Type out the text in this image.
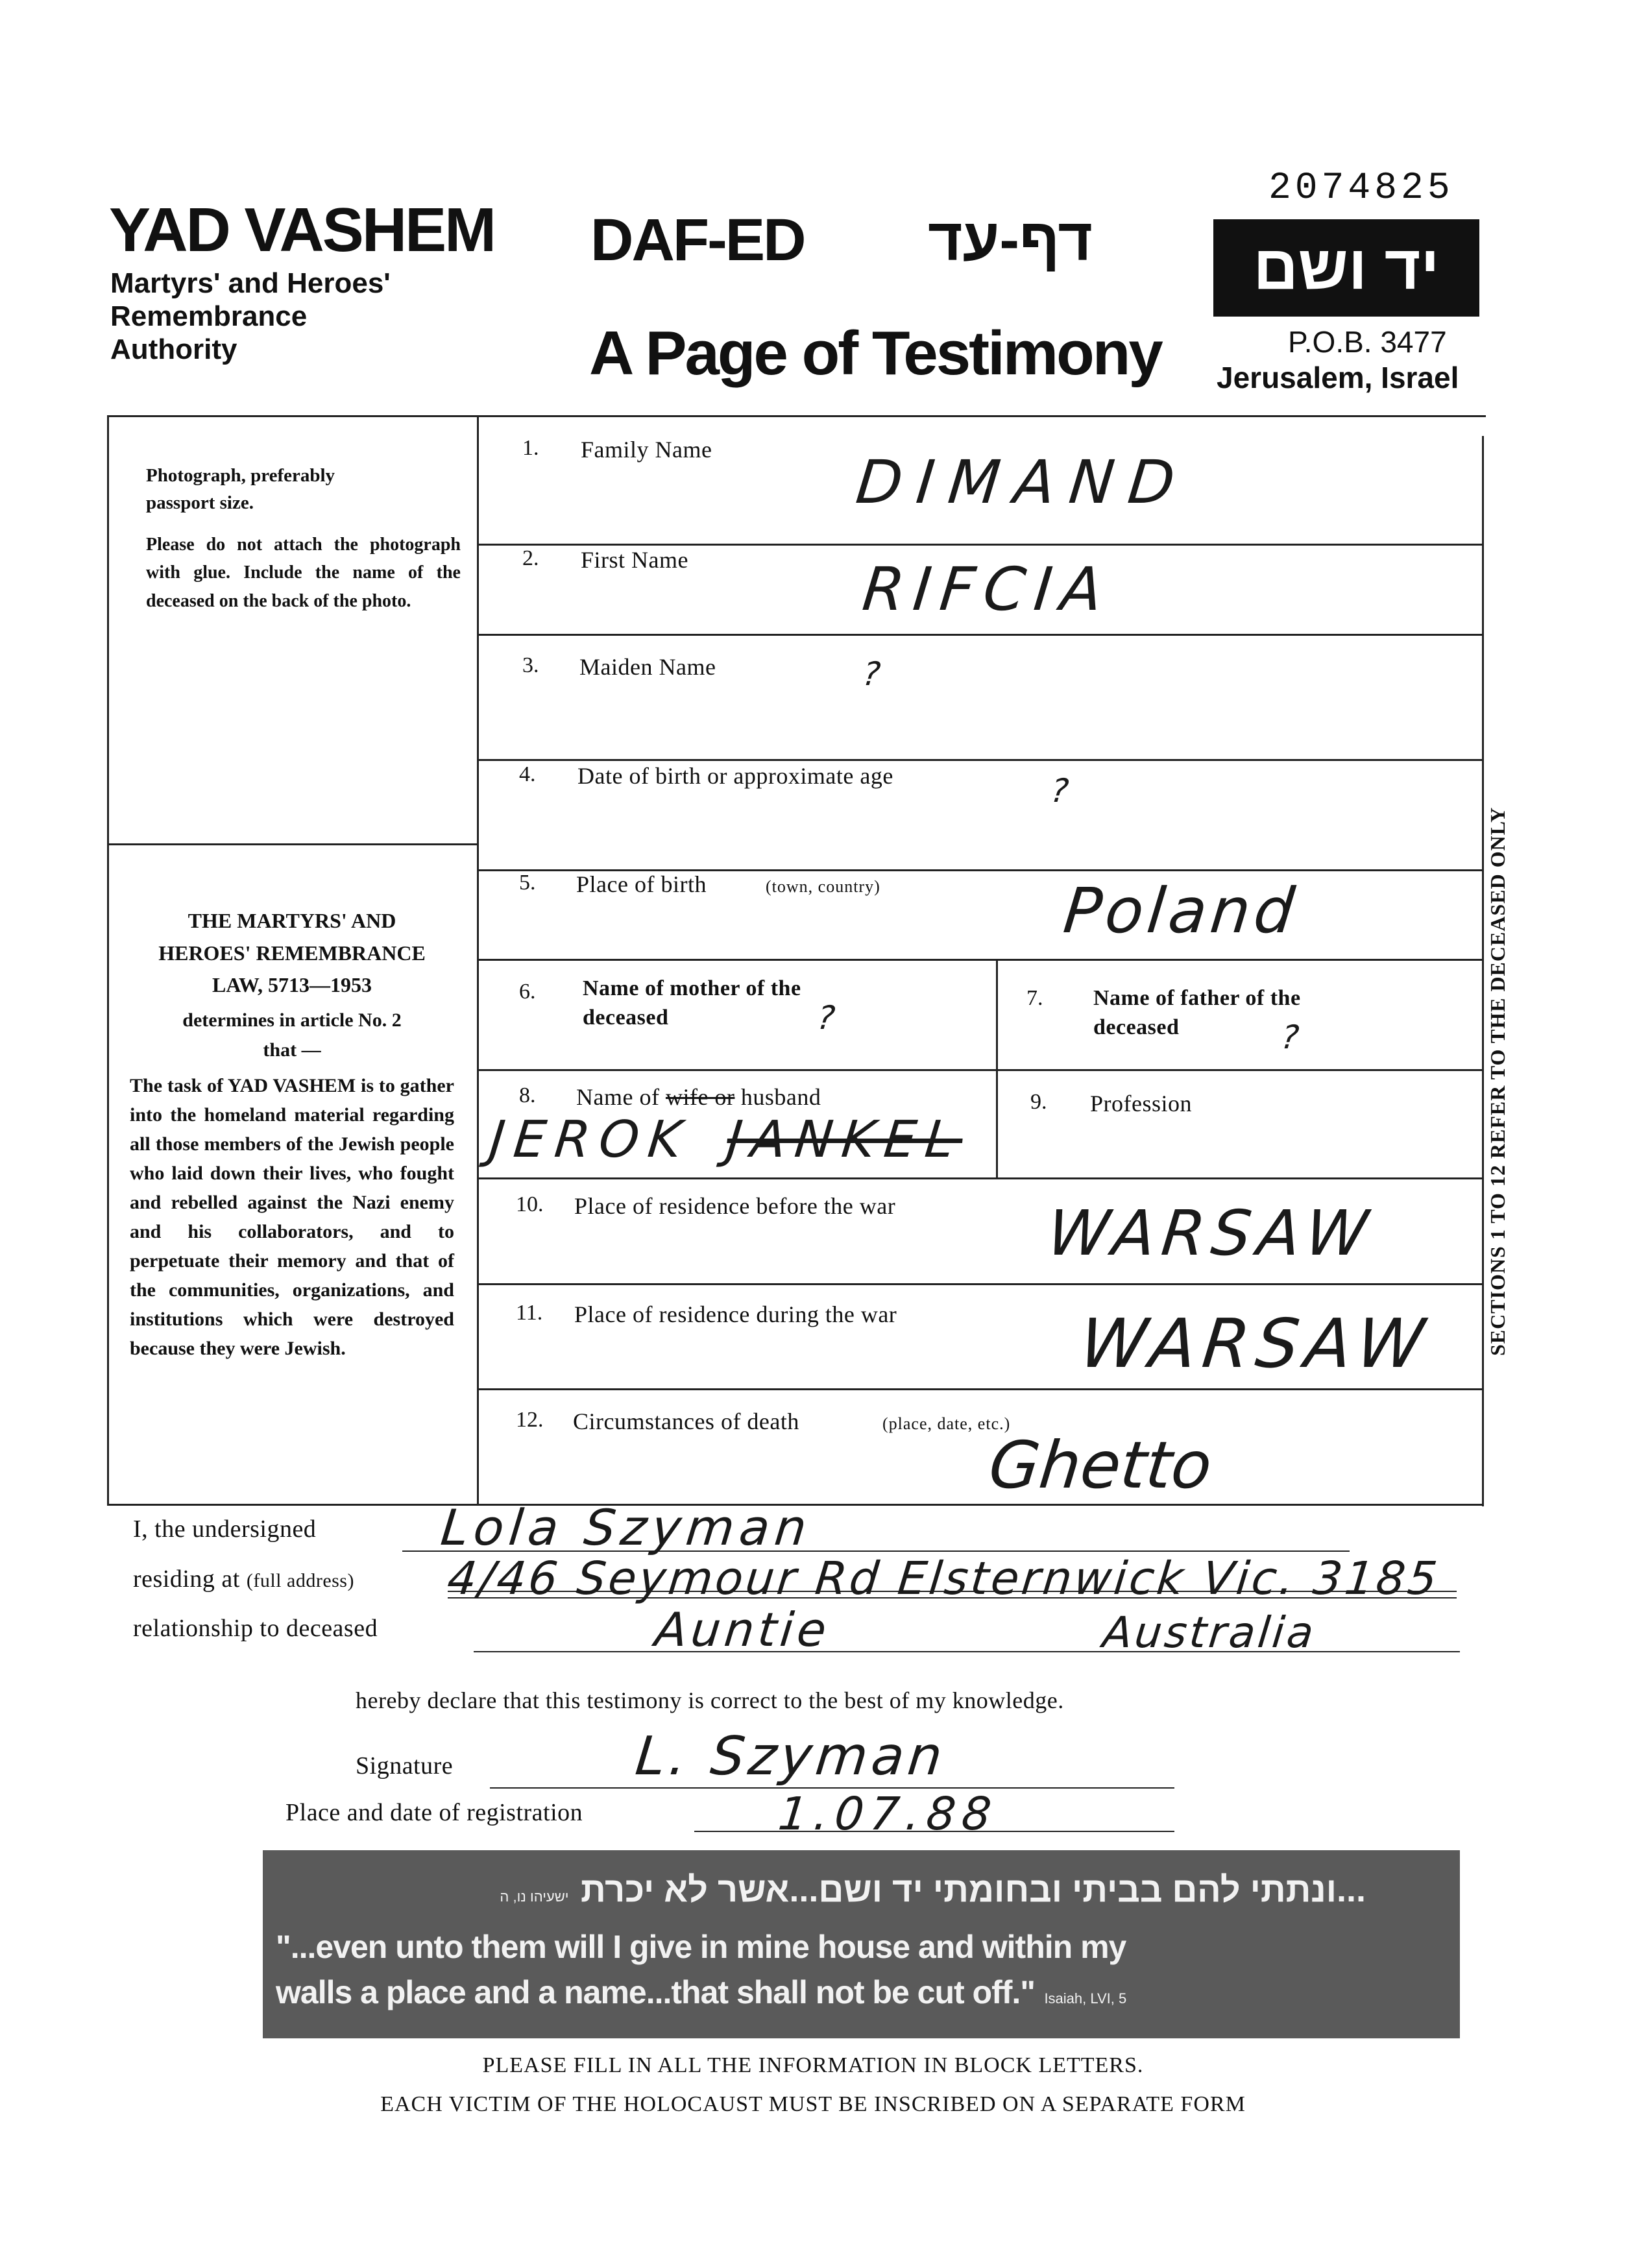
2074825
YAD VASHEM
Martyrs' and Heroes'
Remembrance
Authority
DAF-ED דף-עד
A Page of Testimony
יד ושם
P.O.B. 3477
Jerusalem, Israel
SECTIONS 1 TO 12 REFER TO THE DECEASED ONLY
Photograph, preferably
passport size.
Please do not attach the photograph with glue. Include the name of the deceased on the back of the photo.
THE MARTYRS' AND
HEROES' REMEMBRANCE
LAW, 5713—1953
determines in article No. 2
that —
The task of YAD VASHEM is to gather into the homeland material regarding all those members of the Jewish people who laid down their lives, who fought and rebelled against the Nazi enemy and his collaborators, and to perpetuate their memory and that of the communities, organizations, and institutions which were destroyed because they were Jewish.
1. Family Name DIMAND
2. First Name	RIFCIA
3. Maiden Name	?
4. Date of birth or approximate age	?
5. Place of birth	(town, country)	Poland
6. Name of mother of the
deceased	?
7. Name of father of the
deceased	?
8. Name of wife or husband
JEROK JANKEL
9. Profession
10. Place of residence before the war WARSAW
11. Place of residence during the war	WARSAW
12. Circumstances of death	(place, date, etc.)
Ghetto
I, the undersigned Lola Szyman
residing at (full address) 4/46 Seymour Rd Elsternwick Vic. 3185
relationship to deceased	Auntie	Australia
hereby declare that this testimony is correct to the best of my knowledge.
Signature	L. Szyman
Place and date of registration	1.07.88
...ונתתי להם בביתי ובחומתי יד ושם...אשר לא יכרת ישעיהו נו, ה
"...even unto them will I give in mine house and within my
walls a place and a name...that shall not be cut off." Isaiah, LVI, 5
PLEASE FILL IN ALL THE INFORMATION IN BLOCK LETTERS.
EACH VICTIM OF THE HOLOCAUST MUST BE INSCRIBED ON A SEPARATE FORM
